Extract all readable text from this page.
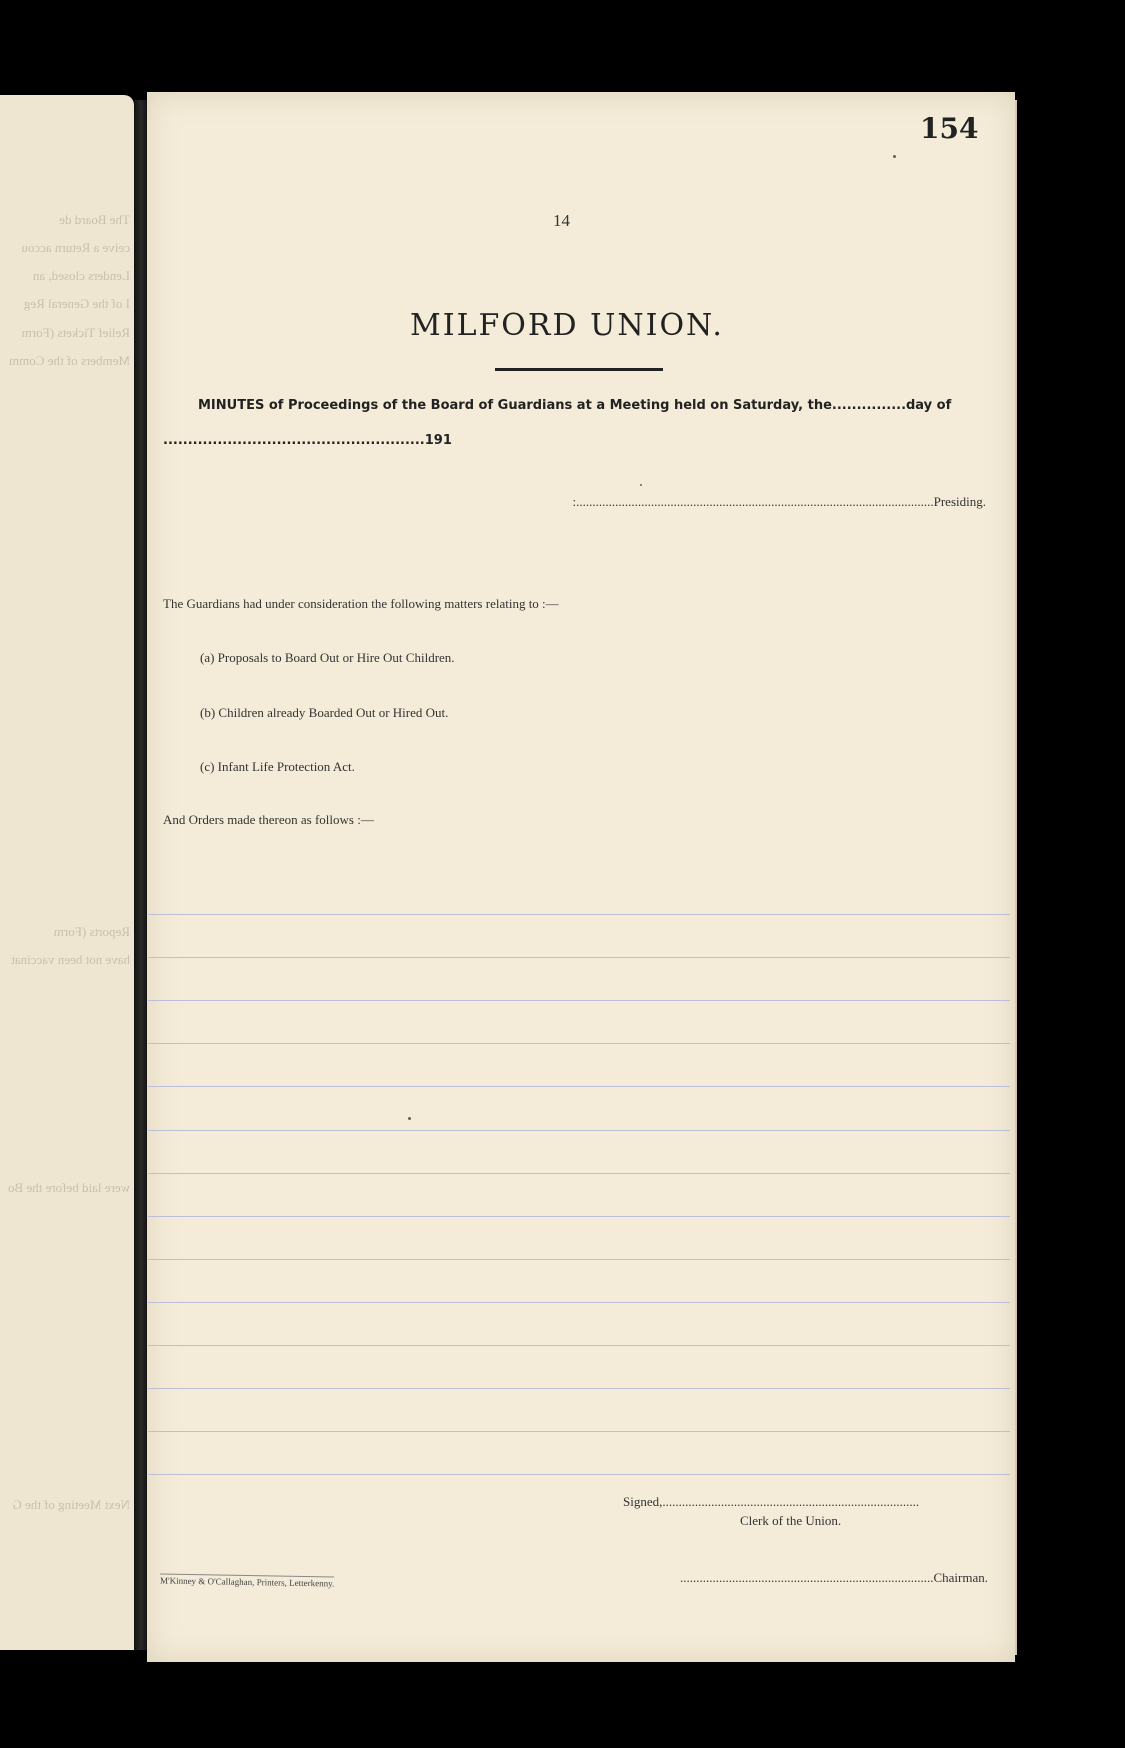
The Board de
ceive a Return accou
Lenders closed, an
I of the General Reg
Relief Tickets (Form
Members of the Comm
Reports (Form
have not been vaccinat
were laid before the Bo
Next Meeting of the G
154
14
MILFORD UNION.
MINUTES of Proceedings of the Board of Guardians at a Meeting held on Saturday, the...............day of
.....................................................191
:..............................................................................................................Presiding.
The Guardians had under consideration the following matters relating to :—
(a) Proposals to Board Out or Hire Out Children.
(b) Children already Boarded Out or Hired Out.
(c) Infant Life Protection Act.
And Orders made thereon as follows :—
Signed,...............................................................................
Clerk of the Union.
..............................................................................Chairman.
M'Kinney & O'Callaghan, Printers, Letterkenny.
